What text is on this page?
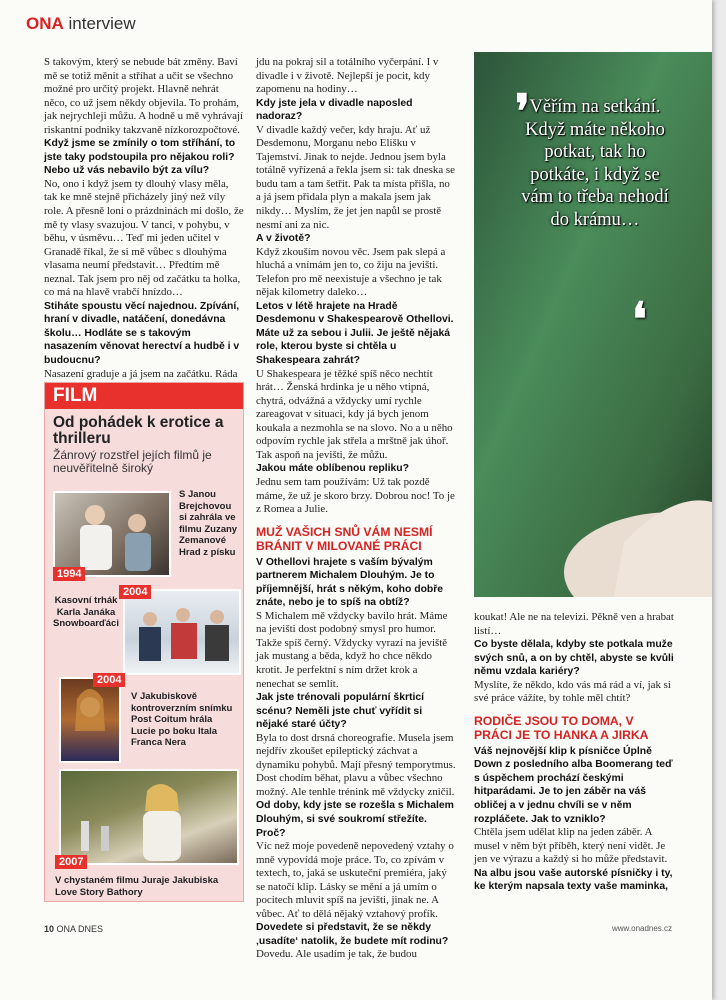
ONA interview

S takovým, který se nebude bát změny. Baví mě se totiž měnit a stříhat a učit se všechno možné pro určitý projekt. Hlavně nehrát něco, co už jsem někdy objevila. To prohám, jak nejrychleji můžu. A hodně u mě vyhrávají riskantní podniky takzvaně nízkorozpočtové.

Když jsme se zmínily o tom stříhání, to jste taky podstoupila pro nějakou roli? Nebo už vás nebavilo být za vílu?

No, ono i když jsem ty dlouhý vlasy měla, tak ke mně stejně přicházely jiný než víly role. A přesně loni o prázdninách mi došlo, že mě ty vlasy svazujou. V tanci, v pohybu, v běhu, v úsměvu… Teď mi jeden učitel v Granadě říkal, že si mě vůbec s dlouhýma vlasama neumí představit… Předtím mě neznal. Tak jsem pro něj od začátku ta holka, co má na hlavě vrabčí hnízdo…

Stiháte spoustu věcí najednou. Zpívání, hraní v divadle, natáčení, donedávna školu… Hodláte se s takovým nasazením věnovat herectví a hudbě i v budoucnu?

Nasazení graduje a já jsem na začátku. Ráda

FILM
Od pohádek k erotice a thrilleru
Žánrový rozstřel jejích filmů je neuvěřitelně široký
1994
S Janou Brejchovou si zahrála ve filmu Zuzany Zemanové Hrad z písku
2004
Kasovní trhák Karla Janáka Snowboarďáci
2004
V Jakubiskově kontroverzním snímku Post Coitum hrála Lucie po boku Itala Franca Nera
2007
V chystaném filmu Juraje Jakubiska Love Story Bathory

jdu na pokraj sil a totálního vyčerpání. I v divadle i v životě. Nejlepší je pocit, kdy zapomenu na hodiny…

Kdy jste jela v divadle naposled nadoraz?

V divadle každý večer, kdy hraju. Ať už Desdemonu, Morganu nebo Elišku v Tajemství. Jinak to nejde. Jednou jsem byla totálně vyřízená a řekla jsem si: tak dneska se budu tam a tam šetřit. Pak ta místa přišla, no a já jsem přidala plyn a makala jsem jak nikdy… Myslím, že jet jen napůl se prostě nesmí ani za nic.

A v životě?

Když zkouším novou věc. Jsem pak slepá a hluchá a vnímám jen to, co žiju na jevišti. Telefon pro mě neexistuje a všechno je tak nějak kilometry daleko…

Letos v létě hrajete na Hradě Desdemonu v Shakespearově Othellovi. Máte už za sebou i Julii. Je ještě nějaká role, kterou byste si chtěla u Shakespeara zahrát?

U Shakespeara je těžké spíš něco nechtít hrát… Ženská hrdinka je u něho vtipná, chytrá, odvážná a vždycky umí rychle zareagovat v situaci, kdy já bych jenom koukala a nezmohla se na slovo. No a u něho odpovím rychle jak střela a mrštně jak úhoř. Tak aspoň na jevišti, že můžu.

Jakou máte oblíbenou repliku?

Jednu sem tam používám: Už tak pozdě máme, že už je skoro brzy. Dobrou noc! To je z Romea a Julie.

MUŽ VAŠICH SNŮ VÁM NESMÍ BRÁNIT V MILOVANÉ PRÁCI

V Othellovi hrajete s vaším bývalým partnerem Michalem Dlouhým. Je to příjemnější, hrát s někým, koho dobře znáte, nebo je to spíš na obtíž?

S Michalem mě vždycky bavilo hrát. Máme na jevišti dost podobný smysl pro humor. Takže spíš černý. Vždycky vyrazí na jeviště jak mustang a běda, když ho chce někdo krotit. Je perfektní s ním držet krok a nenechat se semlít.

Jak jste trénovali populární škrticí scénu? Neměli jste chuť vyřídit si nějaké staré účty?

Byla to dost drsná choreografie. Musela jsem nejdřív zkoušet epileptický záchvat a dynamiku pohybů. Mají přesný temporytmus. Dost chodím běhat, plavu a vůbec všechno možný. Ale tenhle trénink mě vždycky zničil.

Od doby, kdy jste se rozešla s Michalem Dlouhým, si své soukromí střežíte. Proč?

Víc než moje povedeně nepovedený vztahy o mně vypovídá moje práce. To, co zpívám v textech, to, jaká se uskuteční premiéra, jaký se natočí klip. Lásky se mění a já umím o pocitech mluvit spíš na jevišti, jinak ne. A vůbec. Ať to dělá nějaký vztahový profík.

Dovedete si představit, že se někdy ‚usadíte‘ natolik, že budete mít rodinu?

Dovedu. Ale usadím je tak, že budou

❜ Věřím na setkání. Když máte někoho potkat, tak ho potkáte, i když se vám to třeba nehodí do krámu…
❛

koukat! Ale ne na televizi. Pěkně ven a hrabat listí…

Co byste dělala, kdyby ste potkala muže svých snů, a on by chtěl, abyste se kvůli němu vzdala kariéry?

Myslíte, že někdo, kdo vás má rád a ví, jak si své práce vážíte, by tohle měl chtít?

RODIČE JSOU TO DOMA, V PRÁCI JE TO HANKA A JIRKA

Váš nejnovější klip k písničce Úplně Down z posledního alba Boomerang teď s úspěchem prochází českými hitparádami. Je to jen záběr na váš obličej a v jednu chvíli se v něm rozpláčete. Jak to vzniklo?

Chtěla jsem udělat klip na jeden záběr. A musel v něm být příběh, který není vidět. Je jen ve výrazu a každý si ho může představit.

Na albu jsou vaše autorské písničky i ty, ke kterým napsala texty vaše maminka,

10 ONA DNES	www.onadnes.cz
